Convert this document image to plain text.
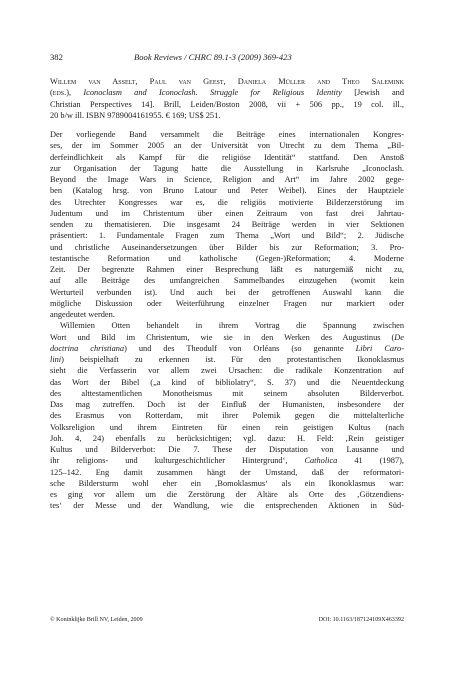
382	Book Reviews / CHRC 89.1-3 (2009) 369-423
Willem van Asselt, Paul van Geest, Daniela Müller and Theo Salemink
(eds.), Iconoclasm and Iconoclash. Struggle for Religious Identity [Jewish and
Christian Perspectives 14]. Brill, Leiden/Boston 2008, vii + 506 pp., 19 col. ill.,
20 b/w ill. ISBN 9789004161955. € 169; US$ 251.
Der vorliegende Band versammelt die Beiträge eines internationalen Kongres-
ses, der im Sommer 2005 an der Universität von Utrecht zu dem Thema „Bil-
derfeindlichkeit als Kampf für die religiöse Identität“ stattfand. Den Anstoß
zur Organisation der Tagung hatte die Ausstellung in Karlsruhe „Iconoclash.
Beyond the Image Wars in Science, Religion and Art“ im Jahre 2002 gege-
ben (Katalog hrsg. von Bruno Latour und Peter Weibel). Eines der Hauptziele
des Utrechter Kongresses war es, die religiös motivierte Bilderzerstörung im
Judentum und im Christentum über einen Zeitraum von fast drei Jahrtau-
senden zu thematisieren. Die insgesamt 24 Beiträge werden in vier Sektionen
präsentiert: 1. Fundamentale Fragen zum Thema „Wort und Bild“; 2. Jüdische
und christliche Auseinandersetzungen über Bilder bis zur Reformation; 3. Pro-
testantische Reformation und katholische (Gegen-)Reformation; 4. Moderne
Zeit. Der begrenzte Rahmen einer Besprechung läßt es naturgemäß nicht zu,
auf alle Beiträge des umfangreichen Sammelbandes einzugehen (womit kein
Werturteil verbunden ist). Und auch bei der getroffenen Auswahl kann die
mögliche Diskussion oder Weiterführung einzelner Fragen nur markiert oder
angedeutet werden.
Willemien Otten behandelt in ihrem Vortrag die Spannung zwischen
Wort und Bild im Christentum, wie sie in den Werken des Augustinus (De
doctrina christiana) und des Theodulf von Orléans (so genannte Libri Caro-
lini) beispielhaft zu erkennen ist. Für den protestantischen Ikonoklasmus
sieht die Verfasserin vor allem zwei Ursachen: die radikale Konzentration auf
das Wort der Bibel („a kind of bibliolatry“, S. 37) und die Neuentdeckung
des alttestamentlichen Monotheismus mit seinem absoluten Bilderverbot.
Das mag zutreffen. Doch ist der Einfluß der Humanisten, insbesondere der
des Erasmus von Rotterdam, mit ihrer Polemik gegen die mittelalterliche
Volksreligion und ihrem Eintreten für einen rein geistigen Kultus (nach
Joh. 4, 24) ebenfalls zu berücksichtigen; vgl. dazu: H. Feld: ‚Rein geistiger
Kultus und Bilderverbot: Die 7. These der Disputation von Lausanne und
ihr religions- und kulturgeschichtlicher Hintergrund‘, Catholica 41 (1987),
125–142. Eng damit zusammen hängt der Umstand, daß der reformatori-
sche Bildersturm wohl eher ein ‚Bomoklasmus‘ als ein Ikonoklasmus war:
es ging vor allem um die Zerstörung der Altäre als Orte des ‚Götzendiens-
tes‘ der Messe und der Wandlung, wie die entsprechenden Aktionen in Süd-
© Koninklijke Brill NV, Leiden, 2009	DOI: 10.1163/187124109X463392
